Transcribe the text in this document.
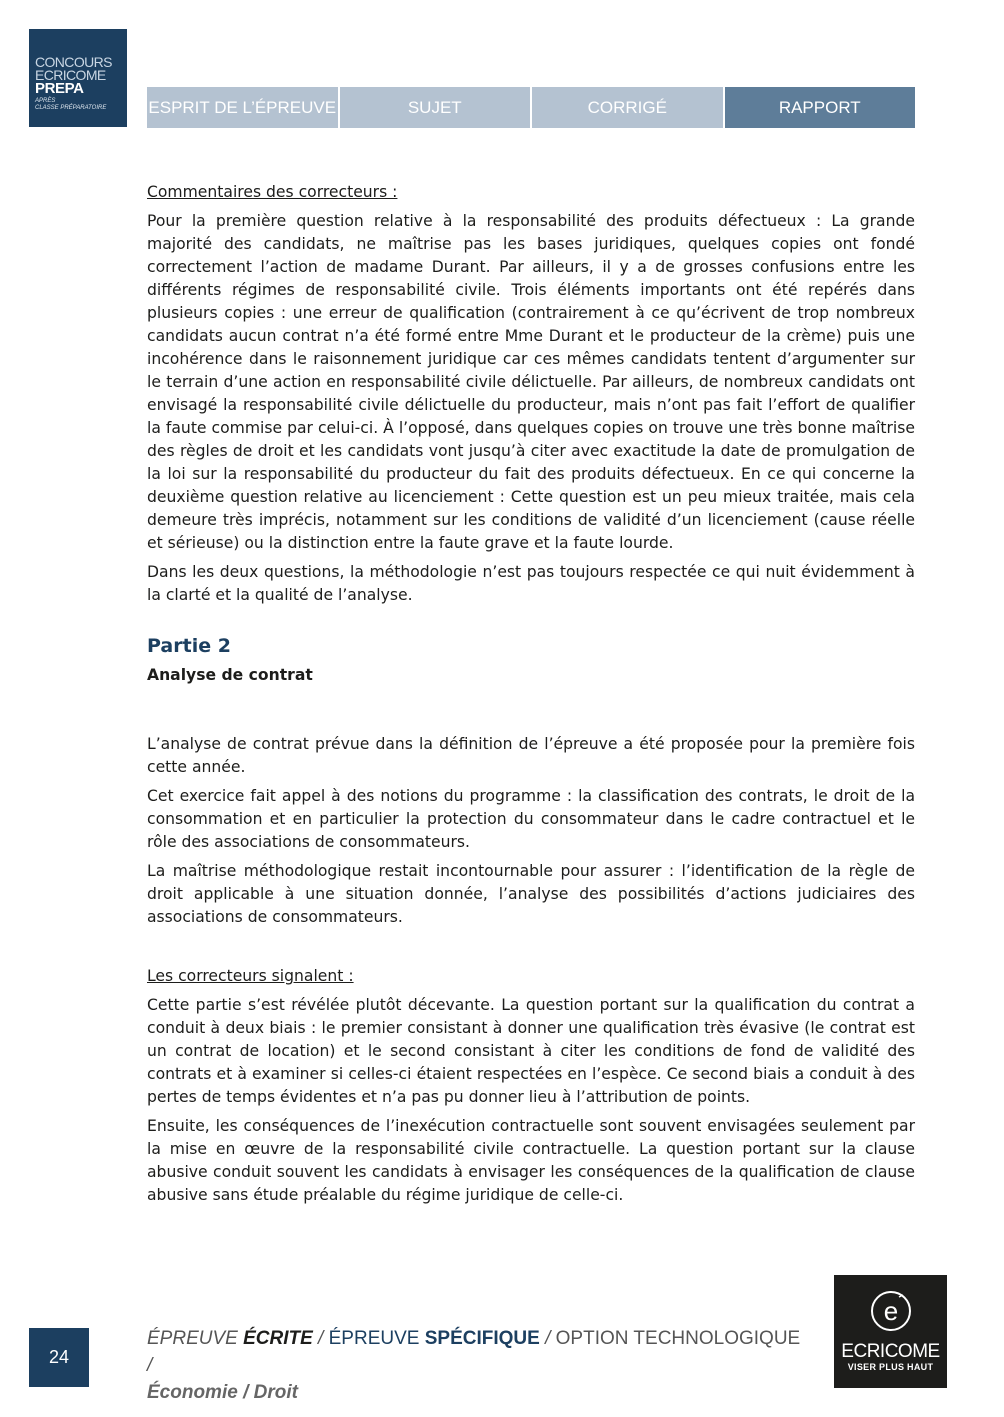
CONCOURS
ECRICOME
PREPA
APRÈS
CLASSE PRÉPARATOIRE	ESPRIT DE L’ÉPREUVE	SUJET	CORRIGÉ	RAPPORT

Commentaires des correcteurs :

Pour la première question relative à la responsabilité des produits défectueux : La grande majorité des candidats, ne maîtrise pas les bases juridiques, quelques copies ont fondé correctement l’action de madame Durant. Par ailleurs, il y a de grosses confusions entre les différents régimes de responsabilité civile. Trois éléments importants ont été repérés dans plusieurs copies : une erreur de qualification (contrairement à ce qu’écrivent de trop nombreux candidats aucun contrat n’a été formé entre Mme Durant et le producteur de la crème) puis une incohérence dans le raisonnement juridique car ces mêmes candidats tentent d’argumenter sur le terrain d’une action en responsabilité civile délictuelle. Par ailleurs, de nombreux candidats ont envisagé la responsabilité civile délictuelle du producteur, mais n’ont pas fait l’effort de qualifier la faute commise par celui-ci. À l’opposé, dans quelques copies on trouve une très bonne maîtrise des règles de droit et les candidats vont jusqu’à citer avec exactitude la date de promulgation de la loi sur la responsabilité du producteur du fait des produits défectueux. En ce qui concerne la deuxième question relative au licenciement : Cette question est un peu mieux traitée, mais cela demeure très imprécis, notamment sur les conditions de validité d’un licenciement (cause réelle et sérieuse) ou la distinction entre la faute grave et la faute lourde.

Dans les deux questions, la méthodologie n’est pas toujours respectée ce qui nuit évidemment à la clarté et la qualité de l’analyse.

Partie 2
Analyse de contrat

L’analyse de contrat prévue dans la définition de l’épreuve a été proposée pour la première fois cette année.

Cet exercice fait appel à des notions du programme : la classification des contrats, le droit de la consommation et en particulier la protection du consommateur dans le cadre contractuel et le rôle des associations de consommateurs.

La maîtrise méthodologique restait incontournable pour assurer : l’identification de la règle de droit applicable à une situation donnée, l’analyse des possibilités d’actions judiciaires des associations de consommateurs.

Les correcteurs signalent :

Cette partie s’est révélée plutôt décevante. La question portant sur la qualification du contrat a conduit à deux biais : le premier consistant à donner une qualification très évasive (le contrat est un contrat de location) et le second consistant à citer les conditions de fond de validité des contrats et à examiner si celles-ci étaient respectées en l’espèce. Ce second biais a conduit à des pertes de temps évidentes et n’a pas pu donner lieu à l’attribution de points.

Ensuite, les conséquences de l’inexécution contractuelle sont souvent envisagées seulement par la mise en œuvre de la responsabilité civile contractuelle. La question portant sur la clause abusive conduit souvent les candidats à envisager les conséquences de la qualification de clause abusive sans étude préalable du régime juridique de celle-ci.

24
ÉPREUVE ÉCRITE / ÉPREUVE SPÉCIFIQUE / OPTION TECHNOLOGIQUE /
Économie / Droit
e
ECRICOME
VISER PLUS HAUT
